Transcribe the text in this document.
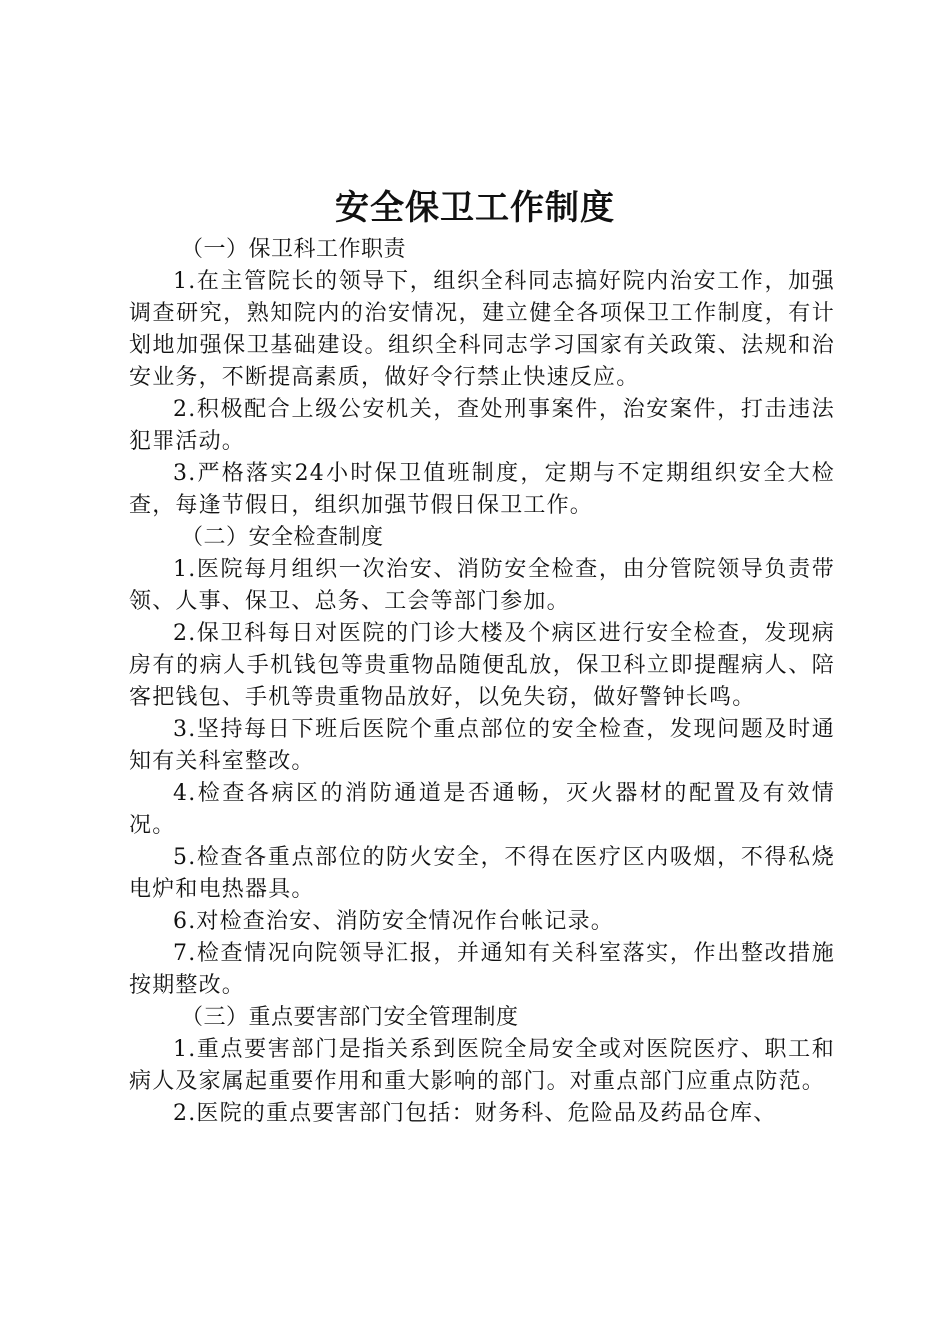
安全保卫工作制度

（一）保卫科工作职责

1.在主管院长的领导下，组织全科同志搞好院内治安工作，加强调查研究，熟知院内的治安情况，建立健全各项保卫工作制度，有计划地加强保卫基础建设。组织全科同志学习国家有关政策、法规和治安业务，不断提高素质，做好令行禁止快速反应。

2.积极配合上级公安机关，查处刑事案件，治安案件，打击违法犯罪活动。

3.严格落实24小时保卫值班制度，定期与不定期组织安全大检查，每逢节假日，组织加强节假日保卫工作。

（二）安全检查制度

1.医院每月组织一次治安、消防安全检查，由分管院领导负责带领、人事、保卫、总务、工会等部门参加。

2.保卫科每日对医院的门诊大楼及个病区进行安全检查，发现病房有的病人手机钱包等贵重物品随便乱放，保卫科立即提醒病人、陪客把钱包、手机等贵重物品放好，以免失窃，做好警钟长鸣。

3.坚持每日下班后医院个重点部位的安全检查，发现问题及时通知有关科室整改。

4.检查各病区的消防通道是否通畅，灭火器材的配置及有效情况。

5.检查各重点部位的防火安全，不得在医疗区内吸烟，不得私烧电炉和电热器具。

6.对检查治安、消防安全情况作台帐记录。

7.检查情况向院领导汇报，并通知有关科室落实，作出整改措施按期整改。

（三）重点要害部门安全管理制度

1.重点要害部门是指关系到医院全局安全或对医院医疗、职工和病人及家属起重要作用和重大影响的部门。对重点部门应重点防范。

2.医院的重点要害部门包括：财务科、危险品及药品仓库、
